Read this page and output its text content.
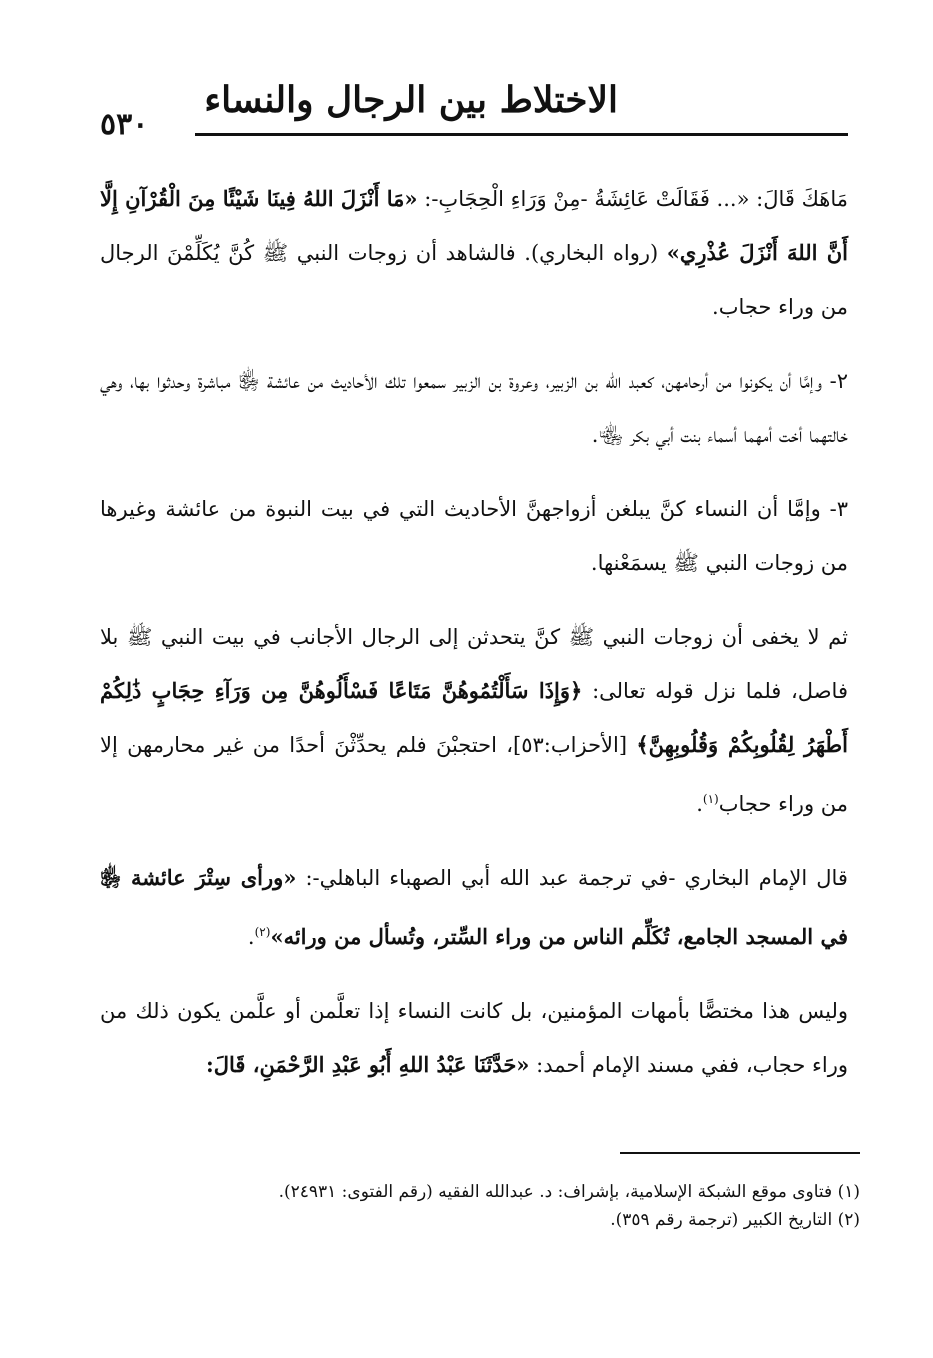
الاختلاط بين الرجال والنساء
٥٣٠

مَاهَكَ قَالَ: «... فَقَالَتْ عَائِشَةُ -مِنْ وَرَاءِ الْحِجَابِ-: «مَا أَنْزَلَ اللهُ فِينَا شَيْئًا مِنَ الْقُرْآنِ إِلَّا أَنَّ اللهَ أَنْزَلَ عُذْرِي» (رواه البخاري). فالشاهد أن زوجات النبي ﷺ كُنَّ يُكَلِّمْنَ الرجال من وراء حجاب.

٢- وإمَّا أن يكونوا من أرحامهن، كعبد الله بن الزبير، وعروة بن الزبير سمعوا تلك الأحاديث من عائشة ﵂ مباشرة وحدثوا بها، وهي خالتهما أخت أمهما أسماء بنت أبي بكر ﵄.

٣- وإمَّا أن النساء كنَّ يبلغن أزواجهنَّ الأحاديث التي في بيت النبوة من عائشة وغيرها من زوجات النبي ﷺ يسمَعْنها.

ثم لا يخفى أن زوجات النبي ﷺ كنَّ يتحدثن إلى الرجال الأجانب في بيت النبي ﷺ بلا فاصل، فلما نزل قوله تعالى: ﴿وَإِذَا سَأَلْتُمُوهُنَّ مَتَاعًا فَسْأَلُوهُنَّ مِن وَرَآءِ حِجَابٍ ذَٰلِكُمْ أَطْهَرُ لِقُلُوبِكُمْ وَقُلُوبِهِنَّ﴾ [الأحزاب:٥٣]، احتجبْنَ فلم يحدِّثْنَ أحدًا من غير محارمهن إلا من وراء حجاب$^{(١)}$.

قال الإمام البخاري -في ترجمة عبد الله أبي الصهباء الباهلي-: «ورأى سِتْرَ عائشة ﵂ في المسجد الجامع، تُكَلِّم الناس من وراء السِّتر، وتُسأل من ورائه»$^{(٢)}$.

وليس هذا مختصًّا بأمهات المؤمنين، بل كانت النساء إذا تعلَّمن أو علَّمن يكون ذلك من وراء حجاب، ففي مسند الإمام أحمد: «حَدَّثَنَا عَبْدُ اللهِ أَبُو عَبْدِ الرَّحْمَنِ، قَالَ:

(١) فتاوى موقع الشبكة الإسلامية، بإشراف: د. عبدالله الفقيه (رقم الفتوى: ٢٤٩٣١).
(٢) التاريخ الكبير (ترجمة رقم ٣٥٩).
